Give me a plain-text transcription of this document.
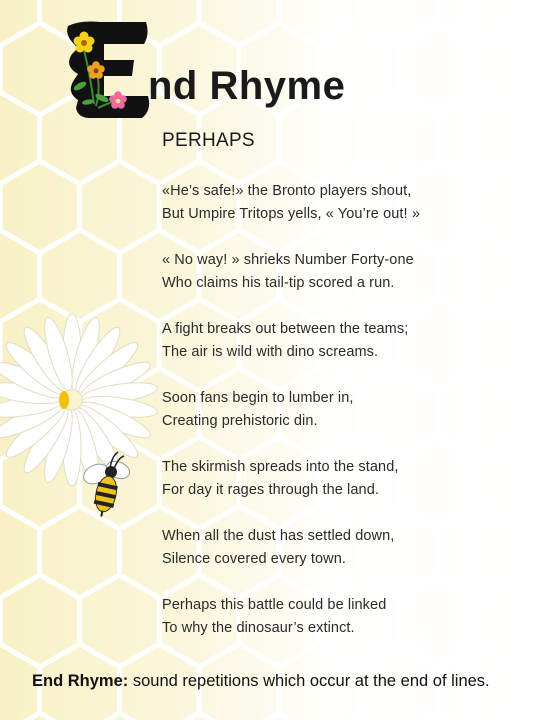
E
nd Rhyme
PERHAPS
«He’s safe!» the Bronto players shout,
But Umpire Tritops yells, « You’re out! »
« No way! » shrieks Number Forty-one
Who claims his tail-tip scored a run.
A fight breaks out between the teams;
The air is wild with dino screams.
Soon fans begin to lumber in,
Creating prehistoric din.
The skirmish spreads into the stand,
For day it rages through the land.
When all the dust has settled down,
Silence covered every town.
Perhaps this battle could be linked
To why the dinosaur’s extinct.
End Rhyme: sound repetitions which occur at the end of lines.
